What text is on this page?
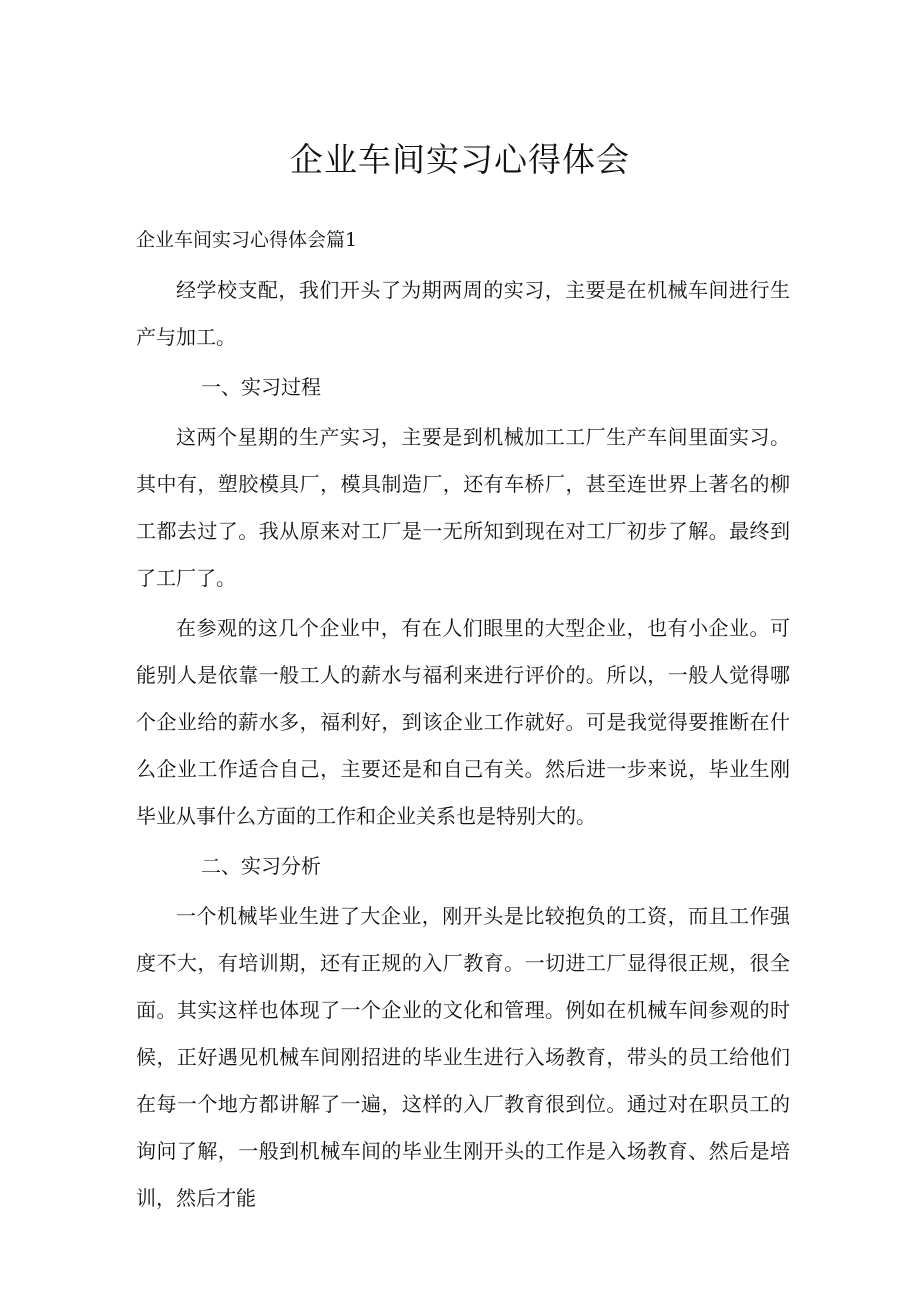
企业车间实习心得体会

企业车间实习心得体会篇1

经学校支配，我们开头了为期两周的实习，主要是在机械车间进行生产与加工。

一、实习过程

这两个星期的生产实习，主要是到机械加工工厂生产车间里面实习。其中有，塑胶模具厂，模具制造厂，还有车桥厂，甚至连世界上著名的柳工都去过了。我从原来对工厂是一无所知到现在对工厂初步了解。最终到了工厂了。

在参观的这几个企业中，有在人们眼里的大型企业，也有小企业。可能别人是依靠一般工人的薪水与福利来进行评价的。所以，一般人觉得哪个企业给的薪水多，福利好，到该企业工作就好。可是我觉得要推断在什么企业工作适合自己，主要还是和自己有关。然后进一步来说，毕业生刚毕业从事什么方面的工作和企业关系也是特别大的。

二、实习分析

一个机械毕业生进了大企业，刚开头是比较抱负的工资，而且工作强度不大，有培训期，还有正规的入厂教育。一切进工厂显得很正规，很全面。其实这样也体现了一个企业的文化和管理。例如在机械车间参观的时候，正好遇见机械车间刚招进的毕业生进行入场教育，带头的员工给他们在每一个地方都讲解了一遍，这样的入厂教育很到位。通过对在职员工的询问了解，一般到机械车间的毕业生刚开头的工作是入场教育、然后是培训，然后才能
